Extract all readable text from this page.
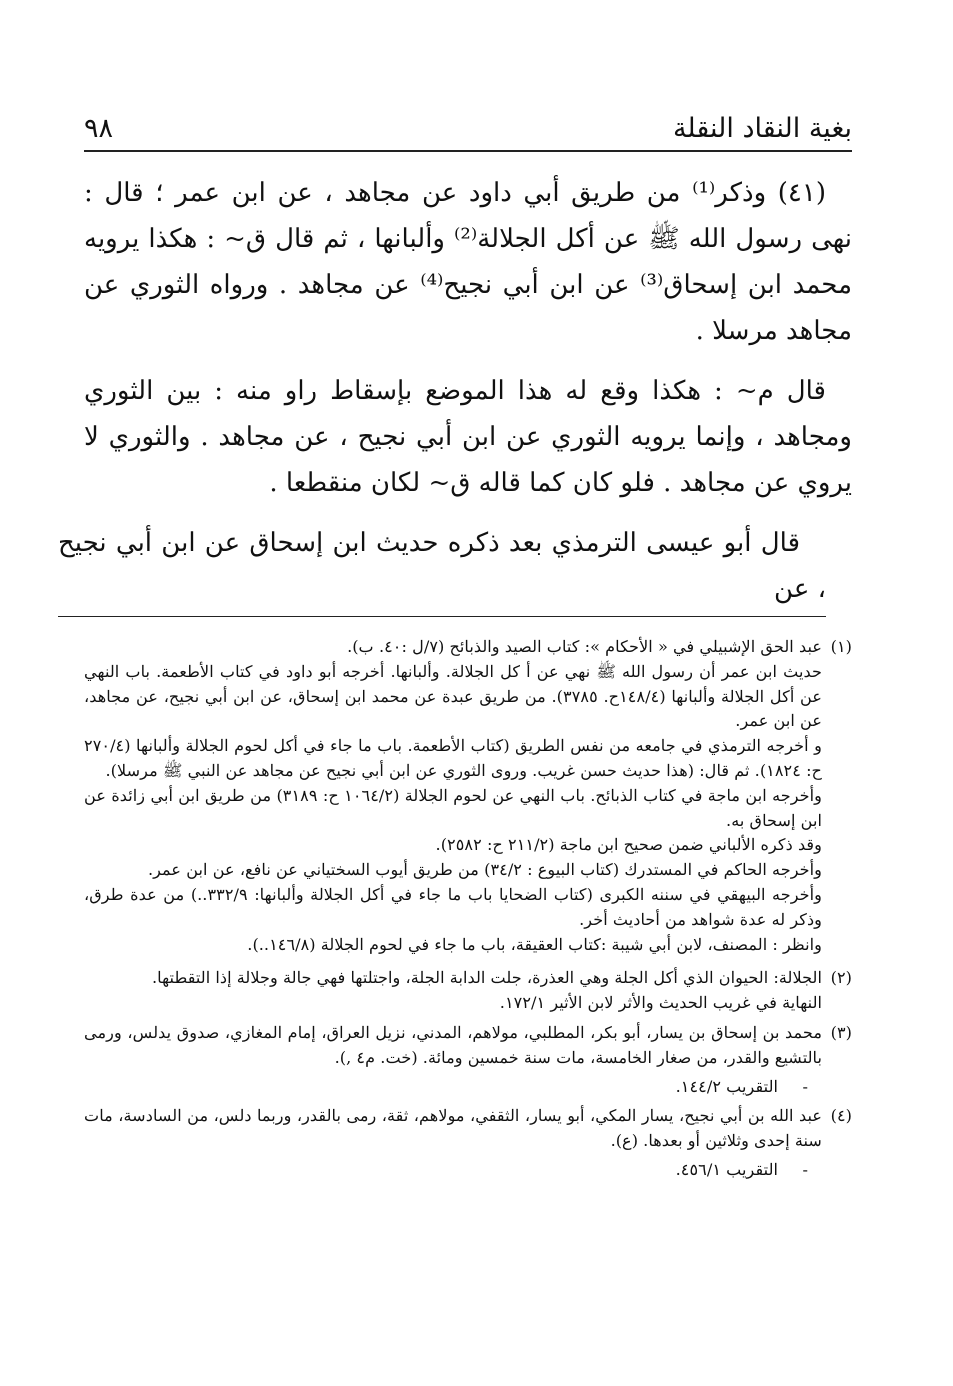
بغية النقاد النقلة
٩٨

(٤١) وذكر⁽¹⁾ من طريق أبي داود عن مجاهد ، عن ابن عمر ؛ قال : نهى رسول الله ﷺ عن أكل الجلالة⁽²⁾ وألبانها ، ثم قال ق~ : هكذا يرويه محمد ابن إسحاق⁽³⁾ عن ابن أبي نجيح⁽⁴⁾ عن مجاهد . ورواه الثوري عن مجاهد مرسلا .

قال م~ : هكذا وقع له هذا الموضع بإسقاط راو منه : بين الثوري ومجاهد ، وإنما يرويه الثوري عن ابن أبي نجيح ، عن مجاهد . والثوري لا يروي عن مجاهد . فلو كان كما قاله ق~ لكان منقطعا .

قال أبو عيسى الترمذي بعد ذكره حديث ابن إسحاق عن ابن أبي نجيح ، عن

(١)
عبد الحق الإشبيلي في « الأحكام »: كتاب الصيد والذبائح (٧/ل :٤٠. ب).
حديث ابن عمر أن رسول الله ﷺ نهي عن أ كل الجلالة. وألبانها. أخرجه أبو داود في كتاب الأطعمة. باب النهي عن أكل الجلالة وألبانها (١٤٨/٤ح. ٣٧٨٥). من طريق عبدة عن محمد ابن إسحاق، عن ابن أبي نجيح، عن مجاهد، عن ابن عمر.
و أخرجه الترمذي في جامعه من نفس الطريق (كتاب الأطعمة. باب ما جاء في أكل لحوم الجلالة وألبانها (٢٧٠/٤ ح: ١٨٢٤). ثم قال: (هذا حديث حسن غريب. وروى الثوري عن ابن أبي نجيح عن مجاهد عن النبي ﷺ مرسلا).
وأخرجه ابن ماجة في كتاب الذبائح. باب النهي عن لحوم الجلالة (١٠٦٤/٢ ح: ٣١٨٩) من طريق ابن أبي زائدة عن ابن إسحاق به.
وقد ذكره الألباني ضمن صحيح ابن ماجة (٢١١/٢ ح: ٢٥٨٢).
وأخرجه الحاكم في المستدرك (كتاب البيوع : ٣٤/٢) من طريق أيوب السختياني عن نافع، عن ابن عمر.
وأخرجه البيهقي في سننه الكبرى (كتاب الضحايا باب ما جاء في أكل الجلالة وألبانها: ٣٣٢/٩..) من عدة طرق، وذكر له عدة شواهد من أحاديث أخر.
وانظر : المصنف، لابن أبي شيبة :كتاب العقيقة، باب ما جاء في لحوم الجلالة (١٤٦/٨..).
(٢)
الجلالة: الحيوان الذي أكل الجلة وهي العذرة، جلت الدابة الجلة، واجتلتها فهي جالة وجلالة إذا التقطتها.
النهاية في غريب الحديث والأثر لابن الأثير ١٧٢/١.
(٣)
محمد بن إسحاق بن يسار، أبو بكر، المطلبي، مولاهم، المدني، نزيل العراق، إمام المغازي، صدوق يدلس، ورمى بالتشيع والقدر، من صغار الخامسة، مات سنة خمسين ومائة. (خت. م٤ ,).
-
التقريب ١٤٤/٢.
(٤)
عبد الله بن أبي نجيح، يسار المكي، أبو يسار، الثقفي، مولاهم، ثقة، رمى بالقدر، وربما دلس، من السادسة، مات سنة إحدى وثلاثين أو بعدها. (ع).
-
التقريب ٤٥٦/١.
